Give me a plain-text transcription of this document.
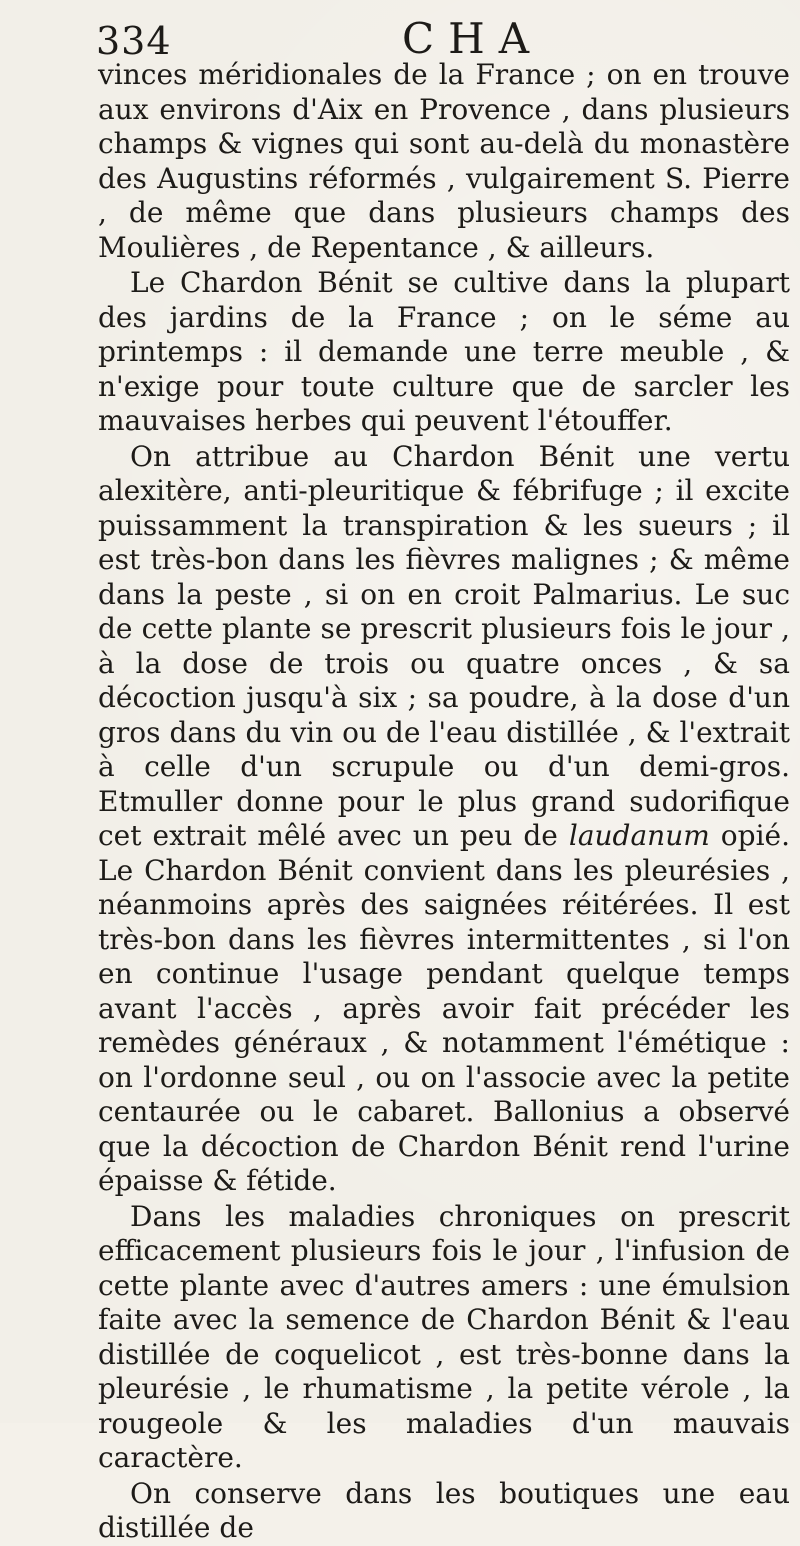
334	CHA

vinces méridionales de la France ; on en trouve aux environs d'Aix en Provence , dans plusieurs champs & vignes qui sont au-delà du monastère des Augustins réformés , vulgairement S. Pierre , de même que dans plusieurs champs des Moulières , de Repentance , & ailleurs.

Le Chardon Bénit se cultive dans la plupart des jardins de la France ; on le séme au printemps : il demande une terre meuble , & n'exige pour toute culture que de sarcler les mauvaises herbes qui peuvent l'étouffer.

On attribue au Chardon Bénit une vertu alexitère, anti-pleuritique & fébrifuge ; il excite puissamment la transpiration & les sueurs ; il est très-bon dans les fièvres malignes ; & même dans la peste , si on en croit Palmarius. Le suc de cette plante se prescrit plusieurs fois le jour , à la dose de trois ou quatre onces , & sa décoction jusqu'à six ; sa poudre, à la dose d'un gros dans du vin ou de l'eau distillée , & l'extrait à celle d'un scrupule ou d'un demi-gros. Etmuller donne pour le plus grand sudorifique cet extrait mêlé avec un peu de laudanum opié. Le Chardon Bénit convient dans les pleurésies , néanmoins après des saignées réitérées. Il est très-bon dans les fièvres intermittentes , si l'on en continue l'usage pendant quelque temps avant l'accès , après avoir fait précéder les remèdes généraux , & notamment l'émétique : on l'ordonne seul , ou on l'associe avec la petite centaurée ou le cabaret. Ballonius a observé que la décoction de Chardon Bénit rend l'urine épaisse & fétide.

Dans les maladies chroniques on prescrit efficacement plusieurs fois le jour , l'infusion de cette plante avec d'autres amers : une émulsion faite avec la semence de Chardon Bénit & l'eau distillée de coquelicot , est très-bonne dans la pleurésie , le rhumatisme , la petite vérole , la rougeole & les maladies d'un mauvais caractère.

On conserve dans les boutiques une eau distillée de
